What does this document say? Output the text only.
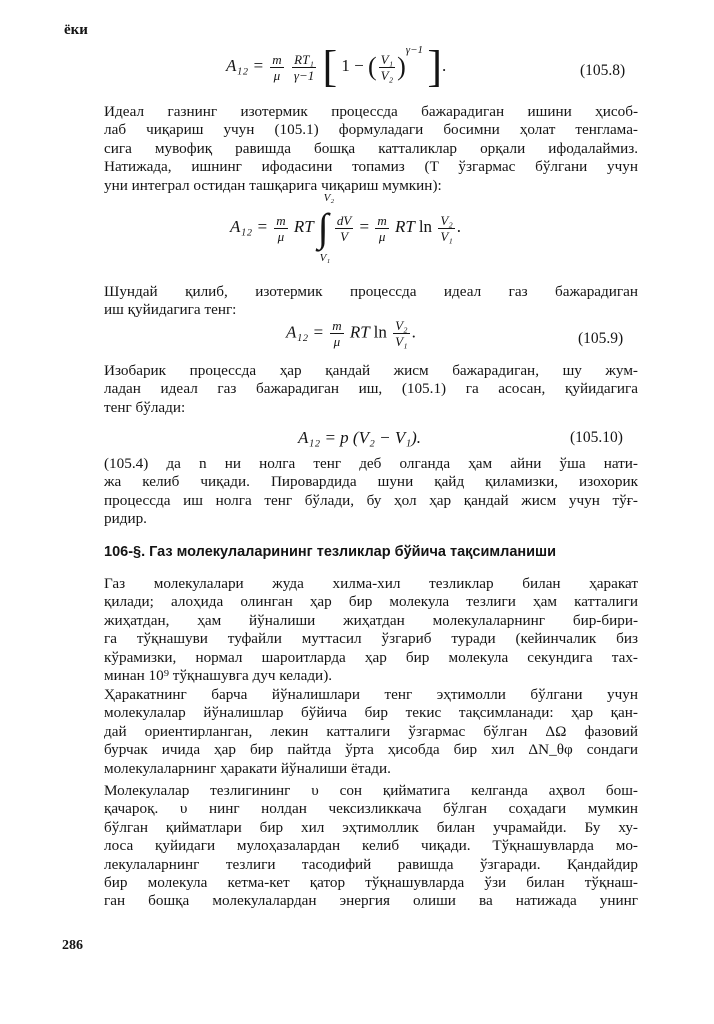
ёки
$A_{12} = \frac{m}{\mu}$
$\frac{\text{RT₁}}{\gamma-1}$ [ 1 − ( $\frac{\text{V₁}}{\text{V₂}} )^{\gamma-1}$ ].	(105.8)
Идеал газнинг изотермик процессда бажарадиган ишини ҳисоб-
лаб чиқариш учун (105.1) формуладаги босимни ҳолат тенглама-
сига мувофиқ равишда бошқа катталиклар орқали ифодалаймиз.
Натижада, ишнинг ифодасини топамиз (T ўзгармас бўлгани учун
уни интеграл остидан ташқарига чиқариш мумкин):
$A_{12} = \frac{m}{\mu}$ RT
V₂
∫
V₁

$\frac{dV}{V} = \frac{m}{\mu}$ RT $\ln \frac{\text{V₂}}{\text{V₁}}$ .
Шундай қилиб, изотермик процессда идеал газ бажарадиган
иш қуйидагига тенг:
$A_{12} = \frac{m}{\mu}$ RT $\ln \frac{\text{V₂}}{\text{V₁}}$ .	(105.9)
Изобарик процессда ҳар қандай жисм бажарадиган, шу жум-
ладан идеал газ бажарадиган иш, (105.1) га асосан, қуйидагига
тенг бўлади:
A₁₂ = p (V₂ − V₁).	(105.10)
(105.4) да n ни нолга тенг деб олганда ҳам айни ўша нати-
жа келиб чиқади. Пировардида шуни қайд қиламизки, изохорик
процессда иш нолга тенг бўлади, бу ҳол ҳар қандай жисм учун тўғ-
ридир.
106-§. Газ молекулаларининг тезликлар бўйича тақсимланиши
Газ молекулалари жуда хилма-хил тезликлар билан ҳаракат
қилади; алоҳида олинган ҳар бир молекула тезлиги ҳам катталиги
жиҳатдан, ҳам йўналиши жиҳатдан молекулаларнинг бир-бири-
га тўқнашуви туфайли муттасил ўзгариб туради (кейинчалик биз
кўрамизки, нормал шароитларда ҳар бир молекула секундига тах-
минан 10⁹ тўқнашувга дуч келади).
Ҳаракатнинг барча йўналишлари тенг эҳтимолли бўлгани учун
молекулалар йўналишлар бўйича бир текис тақсимланади: ҳар қан-
дай ориентирланган, лекин катталиги ўзгармас бўлган ΔΩ фазовий
бурчак ичида ҳар бир пайтда ўрта ҳисобда бир хил ΔN_θφ сондаги
молекулаларнинг ҳаракати йўналиши ётади.
Молекулалар тезлигининг υ сон қийматига келганда аҳвол бош-
қачароқ. υ нинг нолдан чексизликкача бўлган соҳадаги мумкин
бўлган қийматлари бир хил эҳтимоллик билан учрамайди. Бу ху-
лоса қуйидаги мулоҳазалардан келиб чиқади. Тўқнашувларда мо-
лекулаларнинг тезлиги тасодифий равишда ўзгаради. Қандайдир
бир молекула кетма-кет қатор тўқнашувларда ўзи билан тўқнаш-
ган бошқа молекулалардан энергия олиши ва натижада унинг
286
